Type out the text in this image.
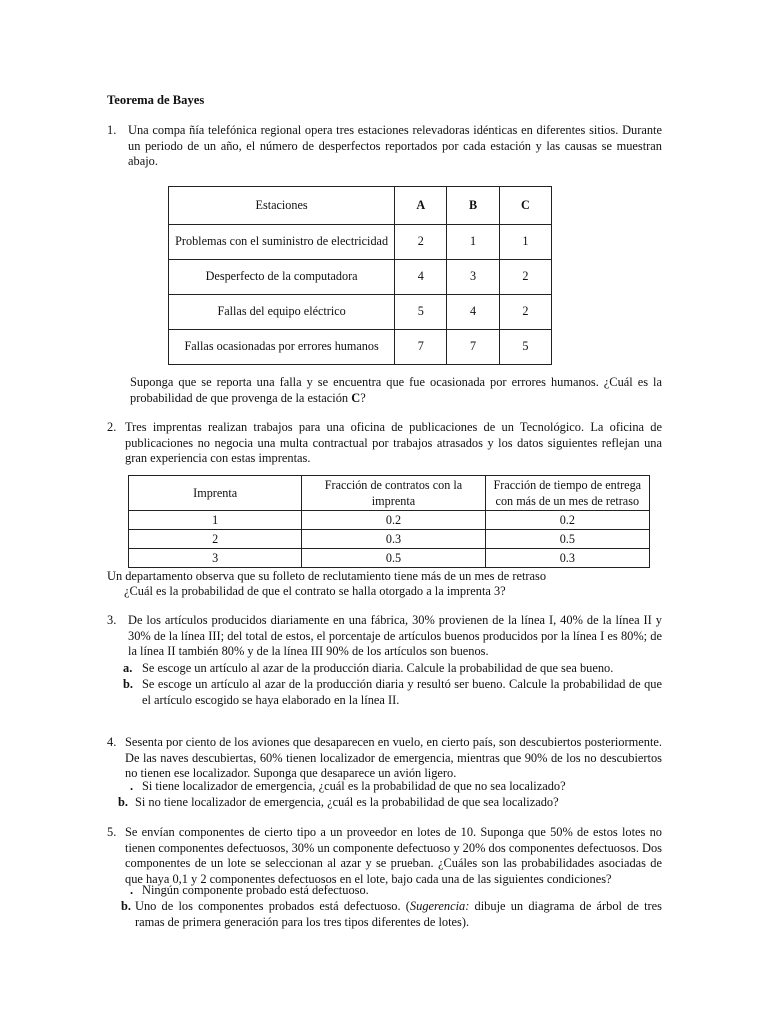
Teorema de Bayes
1. Una compa ñía telefónica regional opera tres estaciones relevadoras idénticas en diferentes sitios. Durante un periodo de un año, el número de desperfectos reportados por cada estación y las causas se muestran abajo.
Estaciones	A	B	C
Problemas con el suministro de electricidad	2	1	1
Desperfecto de la computadora	4	3	2
Fallas del equipo eléctrico	5	4	2
Fallas ocasionadas por errores humanos	7	7	5
Suponga que se reporta una falla y se encuentra que fue ocasionada por errores humanos. ¿Cuál es la probabilidad de que provenga de la estación C?
2. Tres imprentas realizan trabajos para una oficina de publicaciones de un Tecnológico. La oficina de publicaciones no negocia una multa contractual por trabajos atrasados y los datos siguientes reflejan una gran experiencia con estas imprentas.
Imprenta	Fracción de contratos con la imprenta	Fracción de tiempo de entrega con más de un mes de retraso
1	0.2	0.2
2	0.3	0.5
3	0.5	0.3
Un departamento observa que su folleto de reclutamiento tiene más de un mes de retraso
¿Cuál es la probabilidad de que el contrato se halla otorgado a la imprenta 3?
3. De los artículos producidos diariamente en una fábrica, 30% provienen de la línea I, 40% de la línea II y 30% de la línea III; del total de estos, el porcentaje de artículos buenos producidos por la línea I es 80%; de la línea II también 80% y de la línea III 90% de los artículos son buenos.
a. Se escoge un artículo al azar de la producción diaria. Calcule la probabilidad de que sea bueno.
b. Se escoge un artículo al azar de la producción diaria y resultó ser bueno. Calcule la probabilidad de que el artículo escogido se haya elaborado en la línea II.
4. Sesenta por ciento de los aviones que desaparecen en vuelo, en cierto país, son descubiertos posteriormente. De las naves descubiertas, 60% tienen localizador de emergencia, mientras que 90% de los no descubiertos no tienen ese localizador. Suponga que desaparece un avión ligero.
. Si tiene localizador de emergencia, ¿cuál es la probabilidad de que no sea localizado?
b. Si no tiene localizador de emergencia, ¿cuál es la probabilidad de que sea localizado?
5. Se envían componentes de cierto tipo a un proveedor en lotes de 10. Suponga que 50% de estos lotes no tienen componentes defectuosos, 30% un componente defectuoso y 20% dos componentes defectuosos. Dos componentes de un lote se seleccionan al azar y se prueban. ¿Cuáles son las probabilidades asociadas de que haya 0,1 y 2 componentes defectuosos en el lote, bajo cada una de las siguientes condiciones?
. Ningún componente probado está defectuoso.
b. Uno de los componentes probados está defectuoso. (Sugerencia: dibuje un diagrama de árbol de tres ramas de primera generación para los tres tipos diferentes de lotes).
